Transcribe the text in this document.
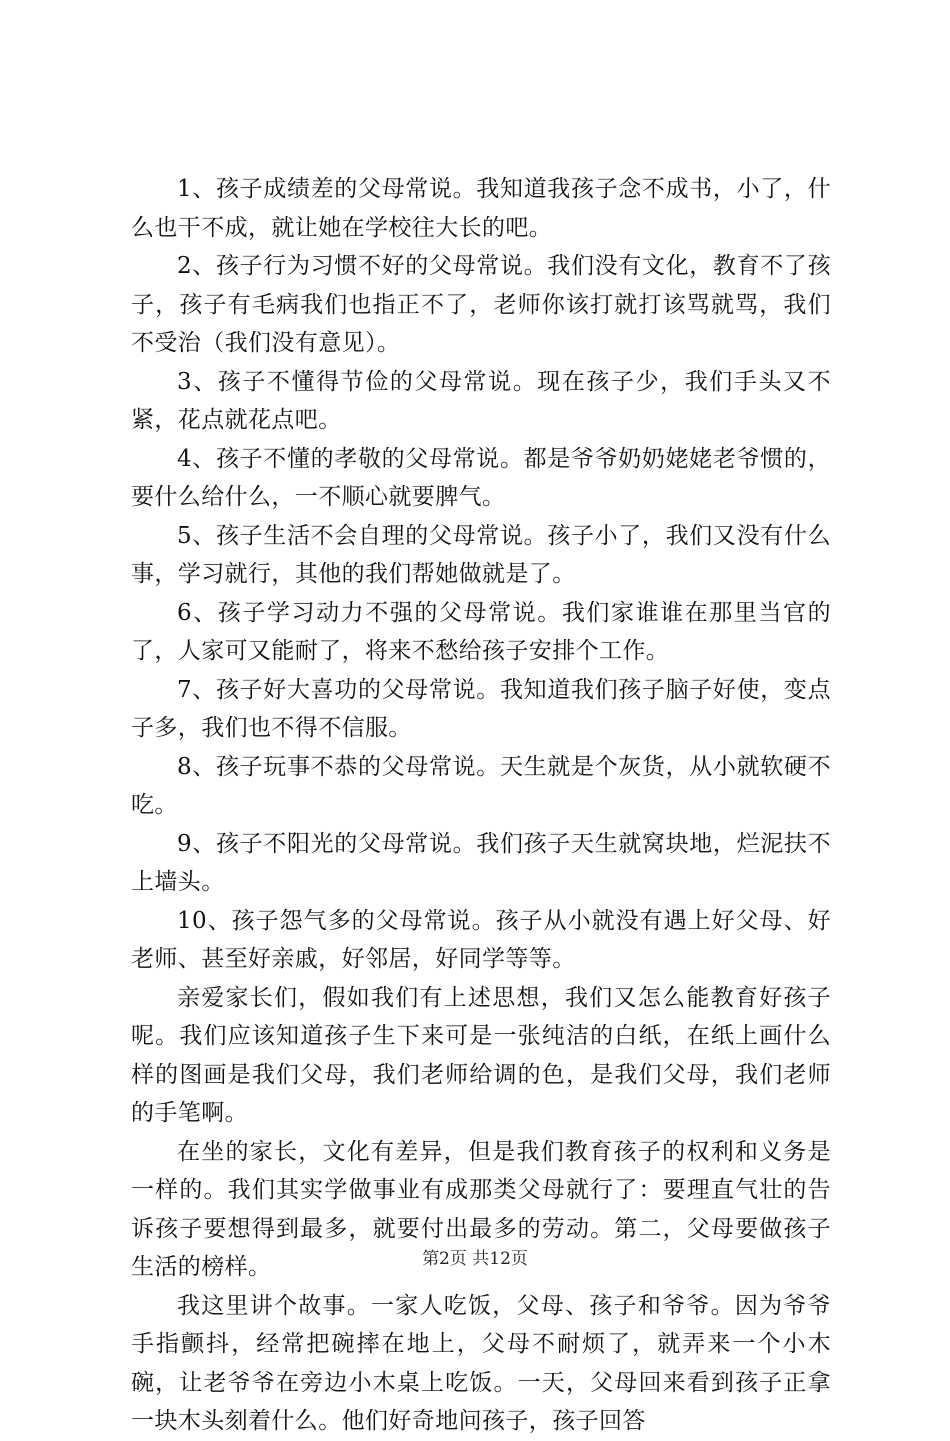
1、孩子成绩差的父母常说。我知道我孩子念不成书，小了，什么也干不成，就让她在学校往大长的吧。

2、孩子行为习惯不好的父母常说。我们没有文化，教育不了孩子，孩子有毛病我们也指正不了，老师你该打就打该骂就骂，我们不受治（我们没有意见）。

3、孩子不懂得节俭的父母常说。现在孩子少，我们手头又不紧，花点就花点吧。

4、孩子不懂的孝敬的父母常说。都是爷爷奶奶姥姥老爷惯的，要什么给什么，一不顺心就要脾气。

5、孩子生活不会自理的父母常说。孩子小了，我们又没有什么事，学习就行，其他的我们帮她做就是了。

6、孩子学习动力不强的父母常说。我们家谁谁在那里当官的了，人家可又能耐了，将来不愁给孩子安排个工作。

7、孩子好大喜功的父母常说。我知道我们孩子脑子好使，变点子多，我们也不得不信服。

8、孩子玩事不恭的父母常说。天生就是个灰货，从小就软硬不吃。

9、孩子不阳光的父母常说。我们孩子天生就窝块地，烂泥扶不上墙头。

10、孩子怨气多的父母常说。孩子从小就没有遇上好父母、好老师、甚至好亲戚，好邻居，好同学等等。

亲爱家长们，假如我们有上述思想，我们又怎么能教育好孩子呢。我们应该知道孩子生下来可是一张纯洁的白纸，在纸上画什么样的图画是我们父母，我们老师给调的色，是我们父母，我们老师的手笔啊。

在坐的家长，文化有差异，但是我们教育孩子的权利和义务是一样的。我们其实学做事业有成那类父母就行了：要理直气壮的告诉孩子要想得到最多，就要付出最多的劳动。第二，父母要做孩子生活的榜样。

我这里讲个故事。一家人吃饭，父母、孩子和爷爷。因为爷爷手指颤抖，经常把碗摔在地上，父母不耐烦了，就弄来一个小木碗，让老爷爷在旁边小木桌上吃饭。一天，父母回来看到孩子正拿一块木头刻着什么。他们好奇地问孩子，孩子回答

第2页 共12页
